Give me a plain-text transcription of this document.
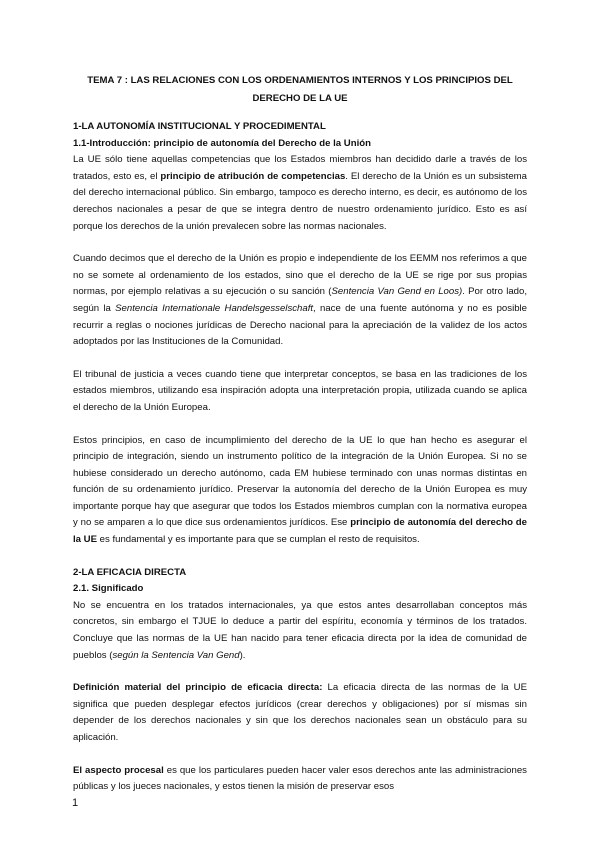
TEMA 7 : LAS RELACIONES CON LOS ORDENAMIENTOS INTERNOS Y LOS PRINCIPIOS DEL DERECHO DE LA UE

1-LA AUTONOMÍA INSTITUCIONAL Y PROCEDIMENTAL

1.1-Introducción: principio de autonomía del Derecho de la Unión

La UE sólo tiene aquellas competencias que los Estados miembros han decidido darle a través de los tratados, esto es, el principio de atribución de competencias. El derecho de la Unión es un subsistema del derecho internacional público. Sin embargo, tampoco es derecho interno, es decir, es autónomo de los derechos nacionales a pesar de que se integra dentro de nuestro ordenamiento jurídico. Esto es así porque los derechos de la unión prevalecen sobre las normas nacionales.

Cuando decimos que el derecho de la Unión es propio e independiente de los EEMM nos referimos a que no se somete al ordenamiento de los estados, sino que el derecho de la UE se rige por sus propias normas, por ejemplo relativas a su ejecución o su sanción (Sentencia Van Gend en Loos). Por otro lado, según la Sentencia Internationale Handelsgesselschaft, nace de una fuente autónoma y no es posible recurrir a reglas o nociones jurídicas de Derecho nacional para la apreciación de la validez de los actos adoptados por las Instituciones de la Comunidad.

El tribunal de justicia a veces cuando tiene que interpretar conceptos, se basa en las tradiciones de los estados miembros, utilizando esa inspiración adopta una interpretación propia, utilizada cuando se aplica el derecho de la Unión Europea.

Estos principios, en caso de incumplimiento del derecho de la UE lo que han hecho es asegurar el principio de integración, siendo un instrumento político de la integración de la Unión Europea. Si no se hubiese considerado un derecho autónomo, cada EM hubiese terminado con unas normas distintas en función de su ordenamiento jurídico. Preservar la autonomía del derecho de la Unión Europea es muy importante porque hay que asegurar que todos los Estados miembros cumplan con la normativa europea y no se amparen a lo que dice sus ordenamientos jurídicos. Ese principio de autonomía del derecho de la UE es fundamental y es importante para que se cumplan el resto de requisitos.

2-LA EFICACIA DIRECTA

2.1. Significado

No se encuentra en los tratados internacionales, ya que estos antes desarrollaban conceptos más concretos, sin embargo el TJUE lo deduce a partir del espíritu, economía y términos de los tratados. Concluye que las normas de la UE han nacido para tener eficacia directa por la idea de comunidad de pueblos (según la Sentencia Van Gend).

Definición material del principio de eficacia directa: La eficacia directa de las normas de la UE significa que pueden desplegar efectos jurídicos (crear derechos y obligaciones) por sí mismas sin depender de los derechos nacionales y sin que los derechos nacionales sean un obstáculo para su aplicación.

El aspecto procesal es que los particulares pueden hacer valer esos derechos ante las administraciones públicas y los jueces nacionales, y estos tienen la misión de preservar esos

1
